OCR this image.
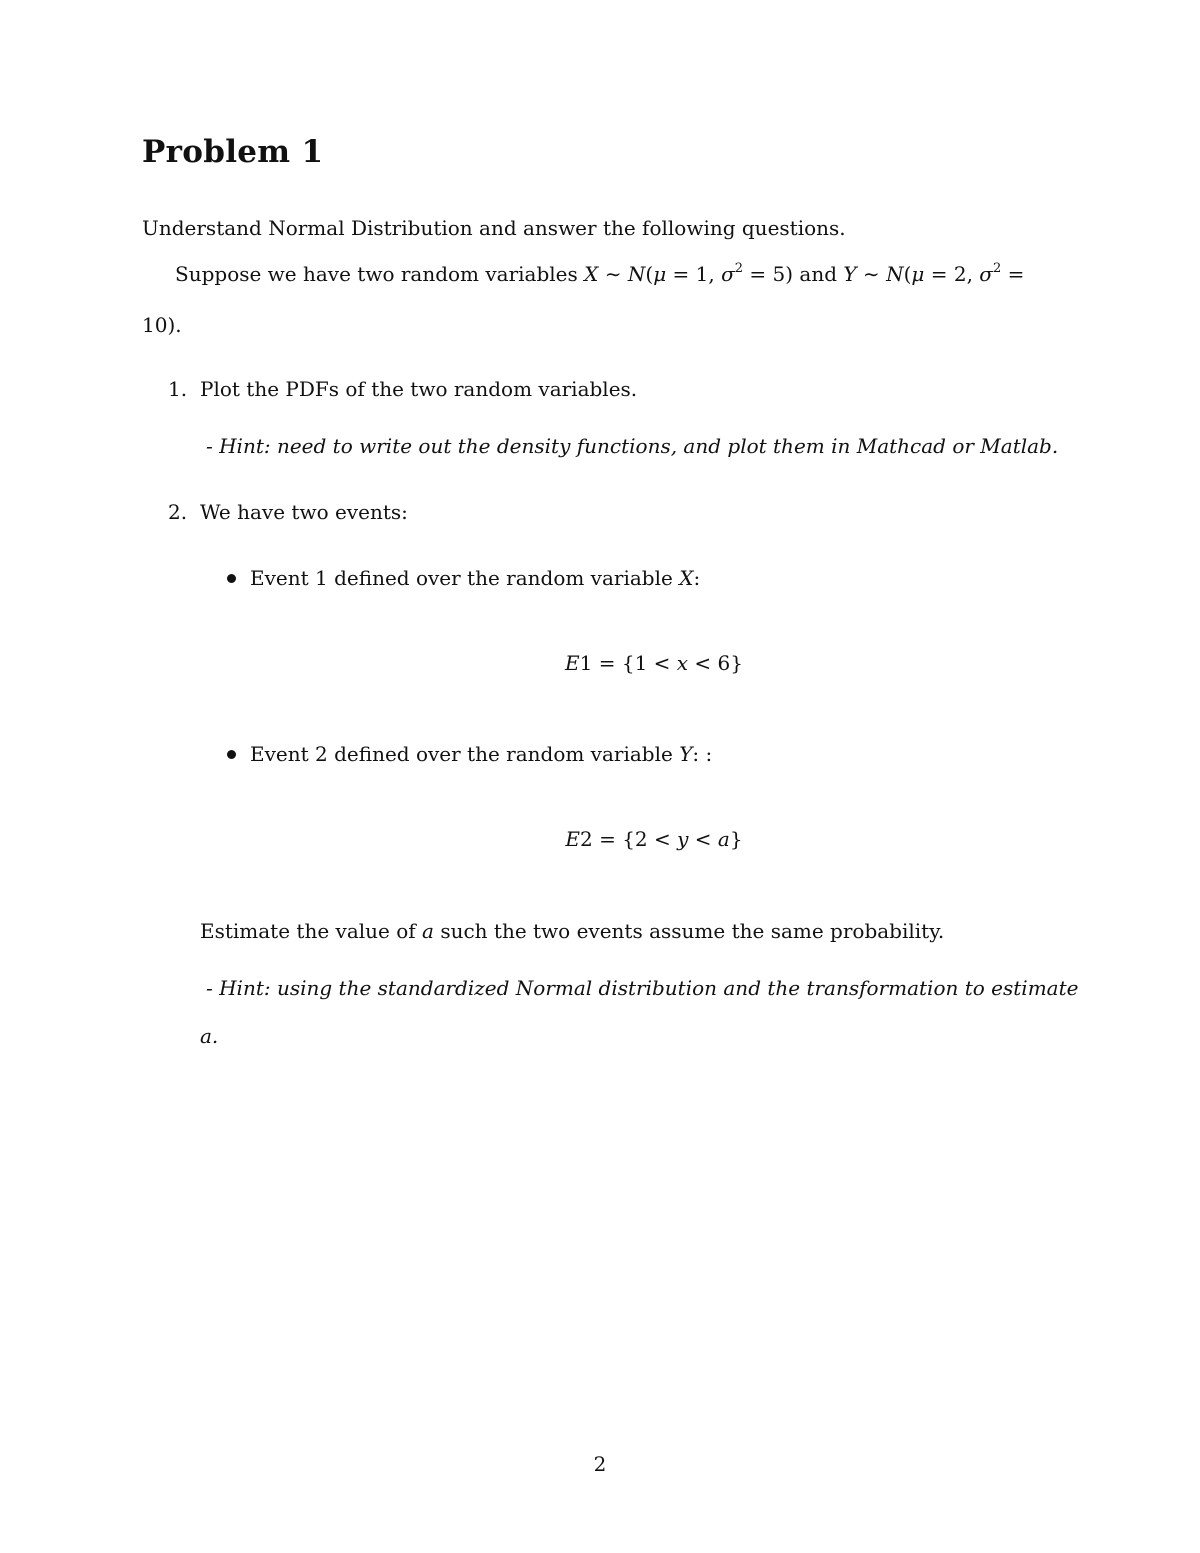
Problem 1
Understand Normal Distribution and answer the following questions.
Suppose we have two random variables X ∼ N(μ = 1, $\sigma^2 = 5$) and Y ∼ N(μ = 2, $\sigma^2$ =
10).
1. Plot the PDFs of the two random variables.
- Hint: need to write out the density functions, and plot them in Mathcad or Matlab.
2. We have two events:
Event 1 defined over the random variable X:
E1 = {1 < x < 6}
Event 2 defined over the random variable Y: :
E2 = {2 < y < a}
Estimate the value of a such the two events assume the same probability.
- Hint: using the standardized Normal distribution and the transformation to estimate
a.
2
